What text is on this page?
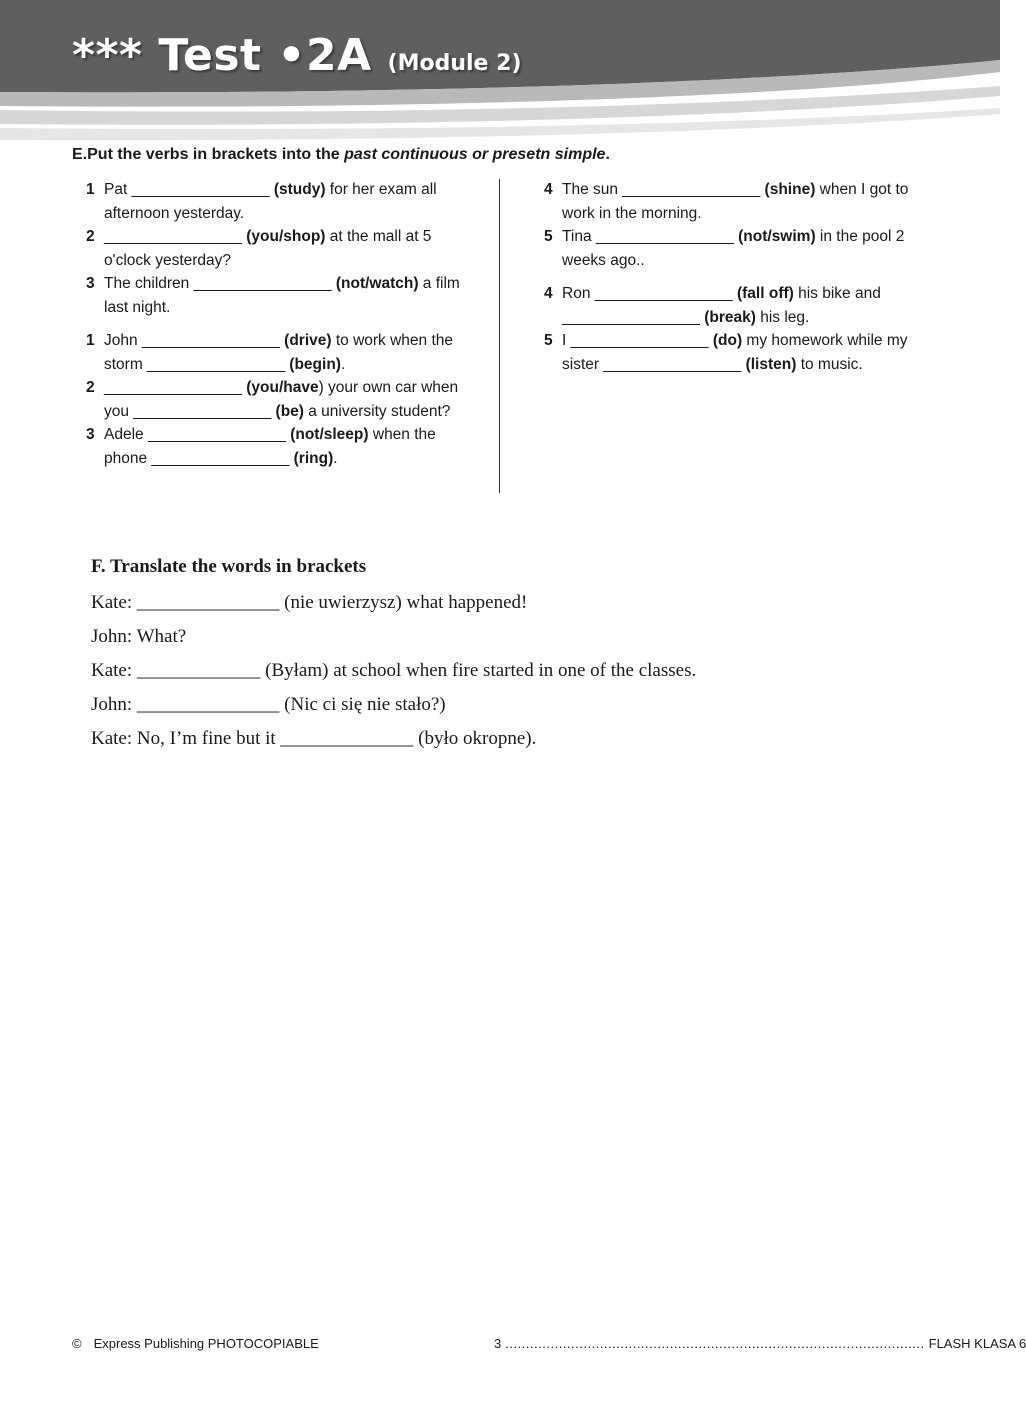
*** Test •2A (Module 2)

E.Put the verbs in brackets into the past continuous or presetn simple.

1 Pat ________________ (study) for her exam all afternoon yesterday.
2 ________________ (you/shop) at the mall at 5 o'clock yesterday?
3 The children ________________ (not/watch) a film last night.
1 John ________________ (drive) to work when the storm ________________ (begin).
2 ________________ (you/have) your own car when you ________________ (be) a university student?
3 Adele ________________ (not/sleep) when the phone ________________ (ring).
4 The sun ________________ (shine) when I got to work in the morning.
5 Tina ________________ (not/swim) in the pool 2 weeks ago..
4 Ron ________________ (fall off) his bike and ________________ (break) his leg.
5 I ________________ (do) my homework while my sister ________________ (listen) to music.

F. Translate the words in brackets

Kate: _______________ (nie uwierzysz) what happened!

John: What?

Kate: _____________ (Byłam) at school when fire started in one of the classes.

John: _______________ (Nic ci się nie stało?)

Kate: No, I’m fine but it ______________ (było okropne).

© Express Publishing PHOTOCOPIABLE	3 ...................................................................................................... FLASH KLASA 6
